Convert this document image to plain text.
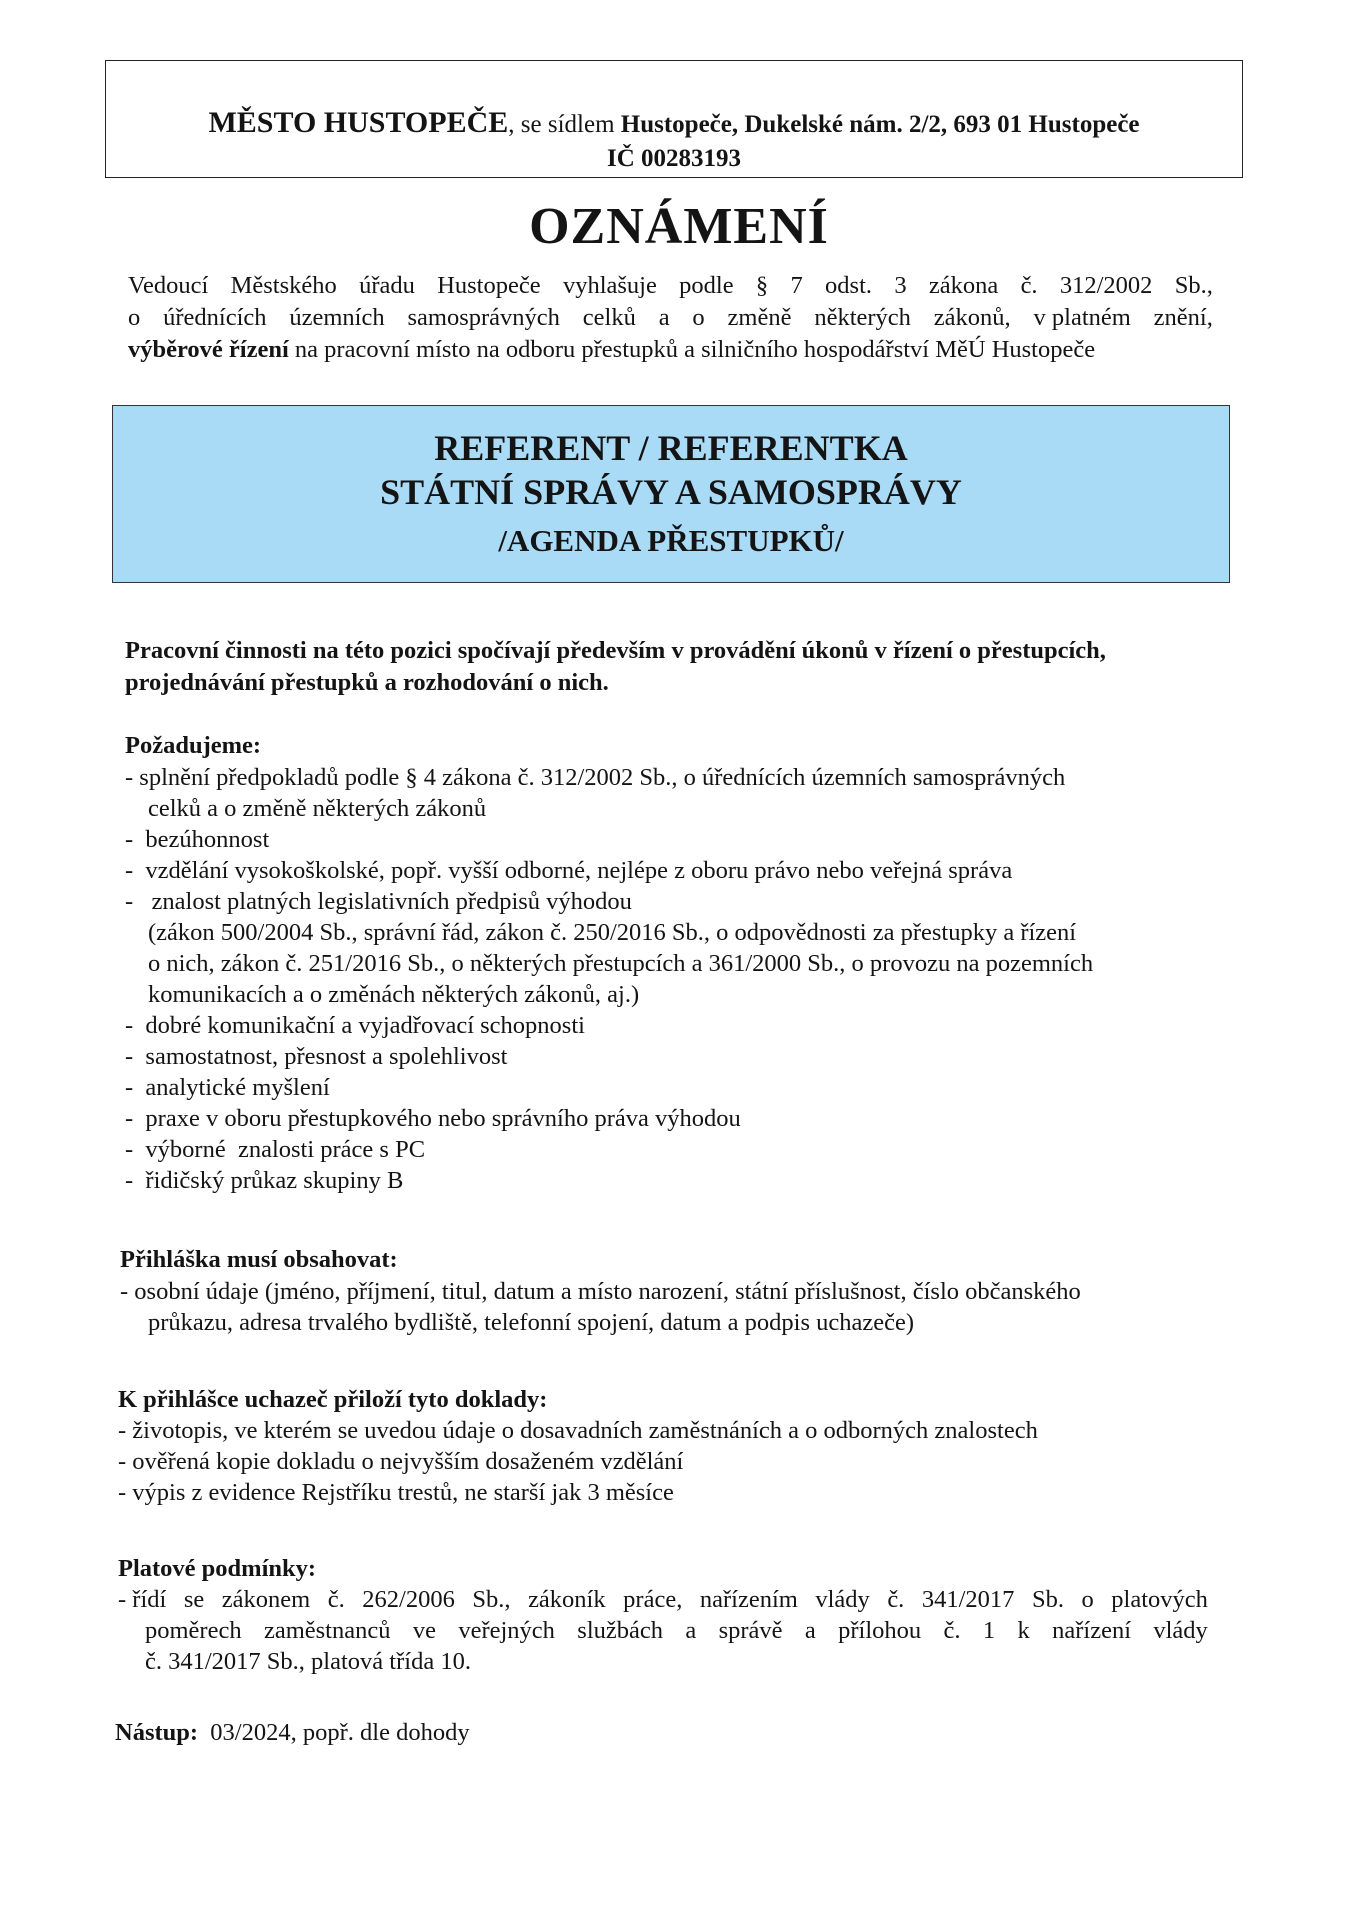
MĚSTO HUSTOPEČE, se sídlem Hustopeče, Dukelské nám. 2/2, 693 01 Hustopeče
IČ 00283193
OZNÁMENÍ
Vedoucí Městského úřadu Hustopeče vyhlašuje podle § 7 odst. 3 zákona č. 312/2002 Sb.,
o úřednících územních samosprávných celků a o změně některých zákonů, v platném znění,
výběrové řízení na pracovní místo na odboru přestupků a silničního hospodářství MěÚ Hustopeče
REFERENT / REFERENTKA
STÁTNÍ SPRÁVY A SAMOSPRÁVY
/AGENDA PŘESTUPKŮ/
Pracovní činnosti na této pozici spočívají především v provádění úkonů v řízení o přestupcích,
projednávání přestupků a rozhodování o nich.
Požadujeme:
- splnění předpokladů podle § 4 zákona č. 312/2002 Sb., o úřednících územních samosprávných
celků a o změně některých zákonů
-  bezúhonnost
-  vzdělání vysokoškolské, popř. vyšší odborné, nejlépe z oboru právo nebo veřejná správa
-   znalost platných legislativních předpisů výhodou
(zákon 500/2004 Sb., správní řád, zákon č. 250/2016 Sb., o odpovědnosti za přestupky a řízení
o nich, zákon č. 251/2016 Sb., o některých přestupcích a 361/2000 Sb., o provozu na pozemních
komunikacích a o změnách některých zákonů, aj.)
-  dobré komunikační a vyjadřovací schopnosti
-  samostatnost, přesnost a spolehlivost
-  analytické myšlení
-  praxe v oboru přestupkového nebo správního práva výhodou
-  výborné  znalosti práce s PC
-  řidičský průkaz skupiny B
Přihláška musí obsahovat:
- osobní údaje (jméno, příjmení, titul, datum a místo narození, státní příslušnost, číslo občanského
průkazu, adresa trvalého bydliště, telefonní spojení, datum a podpis uchazeče)
K přihlášce uchazeč přiloží tyto doklady:
- životopis, ve kterém se uvedou údaje o dosavadních zaměstnáních a o odborných znalostech
- ověřená kopie dokladu o nejvyšším dosaženém vzdělání
- výpis z evidence Rejstříku trestů, ne starší jak 3 měsíce
Platové podmínky:
- řídí se zákonem č. 262/2006 Sb., zákoník práce, nařízením vlády č. 341/2017 Sb. o platových
poměrech zaměstnanců ve veřejných službách a správě a přílohou č. 1 k nařízení vlády
č. 341/2017 Sb., platová třída 10.
Nástup:  03/2024, popř. dle dohody
